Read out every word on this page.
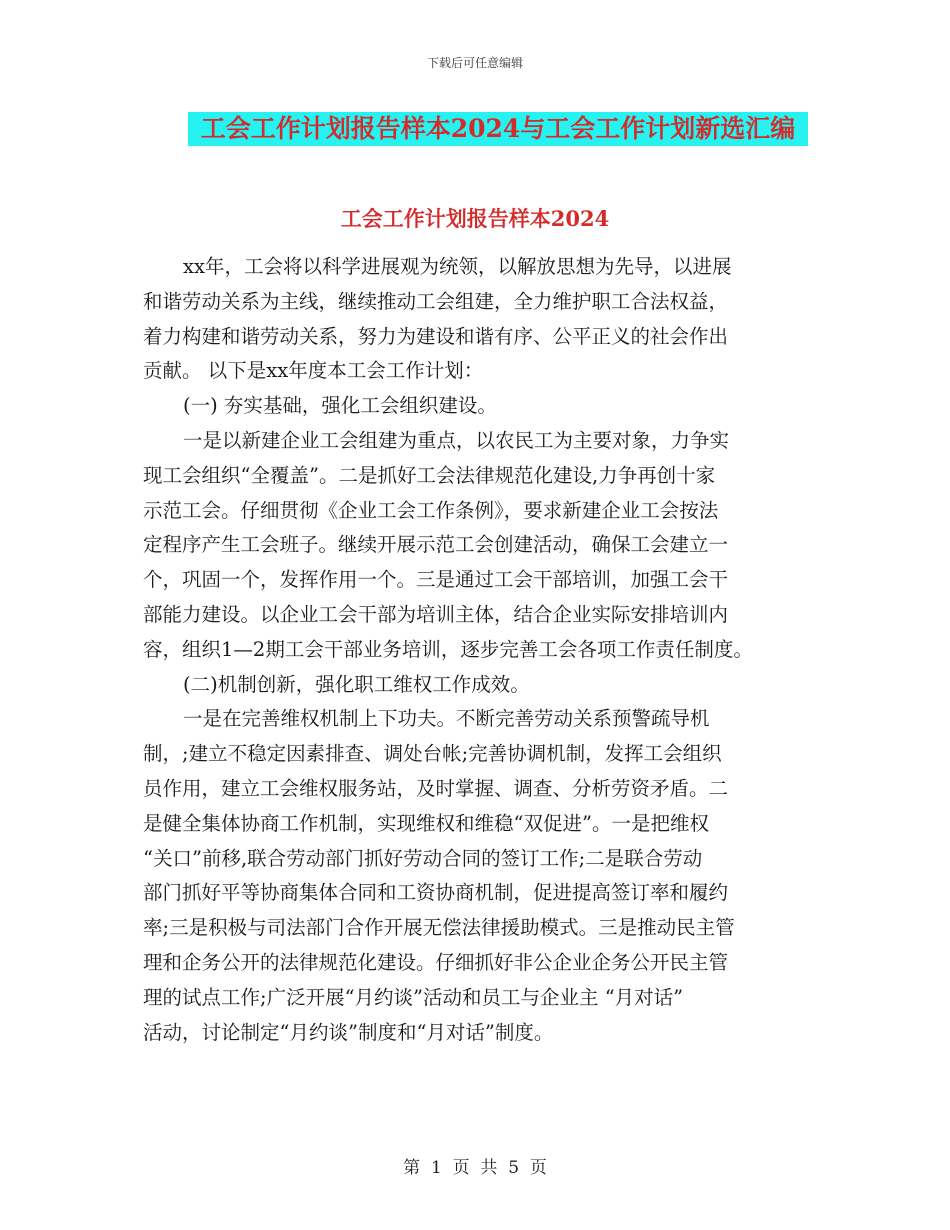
下载后可任意编辑
工会工作计划报告样本2024与工会工作计划新选汇编
工会工作计划报告样本2024
xx年，工会将以科学进展观为统领，以解放思想为先导，以进展
和谐劳动关系为主线，继续推动工会组建，全力维护职工合法权益，
着力构建和谐劳动关系，努力为建设和谐有序、公平正义的社会作出
贡献。 以下是xx年度本工会工作计划：
(一) 夯实基础，强化工会组织建设。
一是以新建企业工会组建为重点，以农民工为主要对象，力争实
现工会组织“全覆盖”。二是抓好工会法律规范化建设,力争再创十家
示范工会。仔细贯彻《企业工会工作条例》，要求新建企业工会按法
定程序产生工会班子。继续开展示范工会创建活动，确保工会建立一
个，巩固一个，发挥作用一个。三是通过工会干部培训，加强工会干
部能力建设。以企业工会干部为培训主体，结合企业实际安排培训内
容，组织1—2期工会干部业务培训，逐步完善工会各项工作责任制度。
(二)机制创新，强化职工维权工作成效。
一是在完善维权机制上下功夫。不断完善劳动关系预警疏导机
制，;建立不稳定因素排查、调处台帐;完善协调机制，发挥工会组织
员作用，建立工会维权服务站，及时掌握、调查、分析劳资矛盾。二
是健全集体协商工作机制，实现维权和维稳“双促进”。一是把维权
“关口”前移,联合劳动部门抓好劳动合同的签订工作;二是联合劳动
部门抓好平等协商集体合同和工资协商机制，促进提高签订率和履约
率;三是积极与司法部门合作开展无偿法律援助模式。三是推动民主管
理和企务公开的法律规范化建设。仔细抓好非公企业企务公开民主管
理的试点工作;广泛开展“月约谈”活动和员工与企业主 “月对话”
活动，讨论制定“月约谈”制度和“月对话”制度。
第  1  页  共  5  页
